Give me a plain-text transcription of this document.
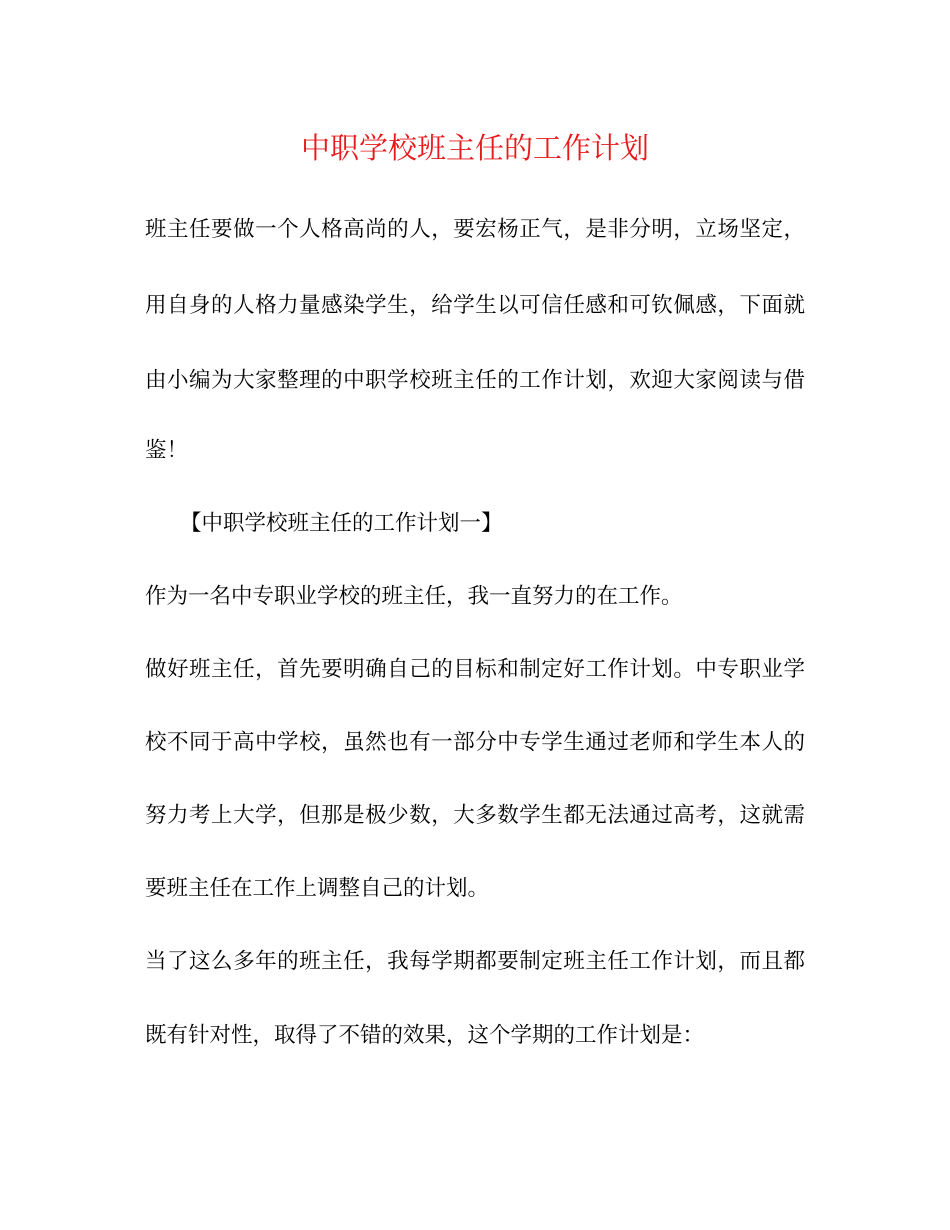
中职学校班主任的工作计划

班主任要做一个人格高尚的人，要宏杨正气，是非分明，立场坚定，

用自身的人格力量感染学生，给学生以可信任感和可钦佩感，下面就

由小编为大家整理的中职学校班主任的工作计划，欢迎大家阅读与借

鉴！

【中职学校班主任的工作计划一】

作为一名中专职业学校的班主任，我一直努力的在工作。

做好班主任，首先要明确自己的目标和制定好工作计划。中专职业学

校不同于高中学校，虽然也有一部分中专学生通过老师和学生本人的

努力考上大学，但那是极少数，大多数学生都无法通过高考，这就需

要班主任在工作上调整自己的计划。

当了这么多年的班主任，我每学期都要制定班主任工作计划，而且都

既有针对性，取得了不错的效果，这个学期的工作计划是：
